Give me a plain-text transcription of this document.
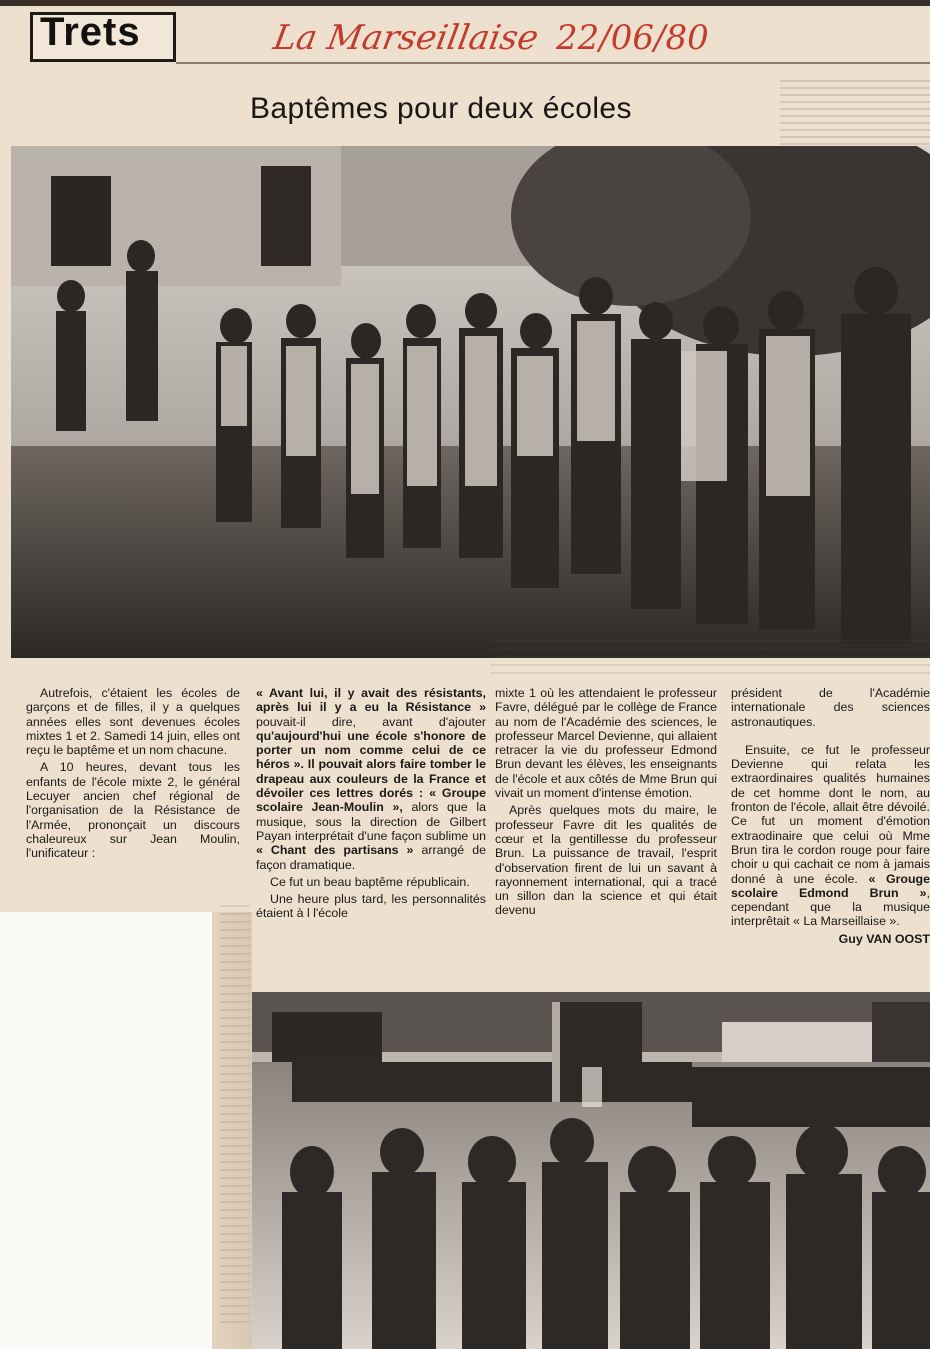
Trets	La Marseillaise 22/06/80
Baptêmes pour deux écoles

Autrefois, c'étaient les écoles de garçons et de filles, il y a quelques années elles sont devenues écoles mixtes 1 et 2. Samedi 14 juin, elles ont reçu le baptême et un nom chacune.

A 10 heures, devant tous les enfants de l'école mixte 2, le général Lecuyer ancien chef régional de l'organisation de la Résistance de l'Armée, prononçait un discours chaleureux sur Jean Moulin, l'unificateur :

« Avant lui, il y avait des résistants, après lui il y a eu la Résistance » pouvait-il dire, avant d'ajouter qu'aujourd'hui une école s'honore de porter un nom comme celui de ce héros ». Il pouvait alors faire tomber le drapeau aux couleurs de la France et dévoiler ces lettres dorés : « Groupe scolaire Jean-Moulin », alors que la musique, sous la direction de Gilbert Payan interprétait d'une façon sublime un « Chant des partisans » arrangé de façon dramatique.

Ce fut un beau baptême républicain.

Une heure plus tard, les personnalités étaient à l l'école

mixte 1 où les attendaient le professeur Favre, délégué par le collège de France au nom de l'Académie des sciences, le professeur Marcel Devienne, qui allaient retracer la vie du professeur Edmond Brun devant les élèves, les enseignants de l'école et aux côtés de Mme Brun qui vivait un moment d'intense émotion.

Après quelques mots du maire, le professeur Favre dit les qualités de cœur et la gentillesse du professeur Brun. La puissance de travail, l'esprit d'observation firent de lui un savant à rayonnement international, qui a tracé un sillon dan la science et qui était devenu

président de l'Académie internationale des sciences astronautiques.

Ensuite, ce fut le professeur Devienne qui relata les extraordinaires qualités humaines de cet homme dont le nom, au fronton de l'école, allait être dévoilé. Ce fut un moment d'émotion extraodinaire que celui où Mme Brun tira le cordon rouge pour faire choir u qui cachait ce nom à jamais donné à une école. « Grouge scolaire Edmond Brun », cependant que la musique interprêtait « La Marseillaise ».

Guy VAN OOST
